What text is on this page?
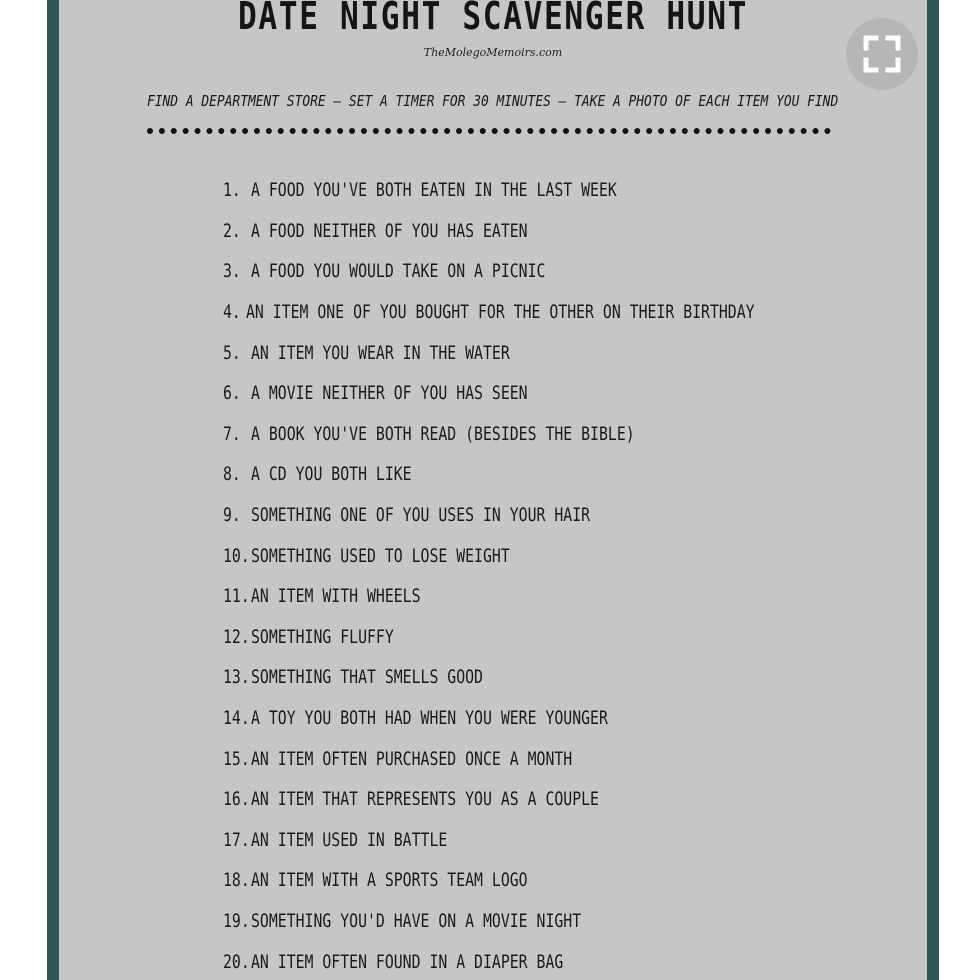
DATE NIGHT SCAVENGER HUNT
TheMolegoMemoirs.com
FIND A DEPARTMENT STORE – SET A TIMER FOR 30 MINUTES – TAKE A PHOTO OF EACH ITEM YOU FIND
1. A FOOD YOU'VE BOTH EATEN IN THE LAST WEEK
2. A FOOD NEITHER OF YOU HAS EATEN
3. A FOOD YOU WOULD TAKE ON A PICNIC
4. AN ITEM ONE OF YOU BOUGHT FOR THE OTHER ON THEIR BIRTHDAY
5. AN ITEM YOU WEAR IN THE WATER
6. A MOVIE NEITHER OF YOU HAS SEEN
7. A BOOK YOU'VE BOTH READ (BESIDES THE BIBLE)
8. A CD YOU BOTH LIKE
9. SOMETHING ONE OF YOU USES IN YOUR HAIR
10. SOMETHING USED TO LOSE WEIGHT
11. AN ITEM WITH WHEELS
12. SOMETHING FLUFFY
13. SOMETHING THAT SMELLS GOOD
14. A TOY YOU BOTH HAD WHEN YOU WERE YOUNGER
15. AN ITEM OFTEN PURCHASED ONCE A MONTH
16. AN ITEM THAT REPRESENTS YOU AS A COUPLE
17. AN ITEM USED IN BATTLE
18. AN ITEM WITH A SPORTS TEAM LOGO
19. SOMETHING YOU'D HAVE ON A MOVIE NIGHT
20. AN ITEM OFTEN FOUND IN A DIAPER BAG
